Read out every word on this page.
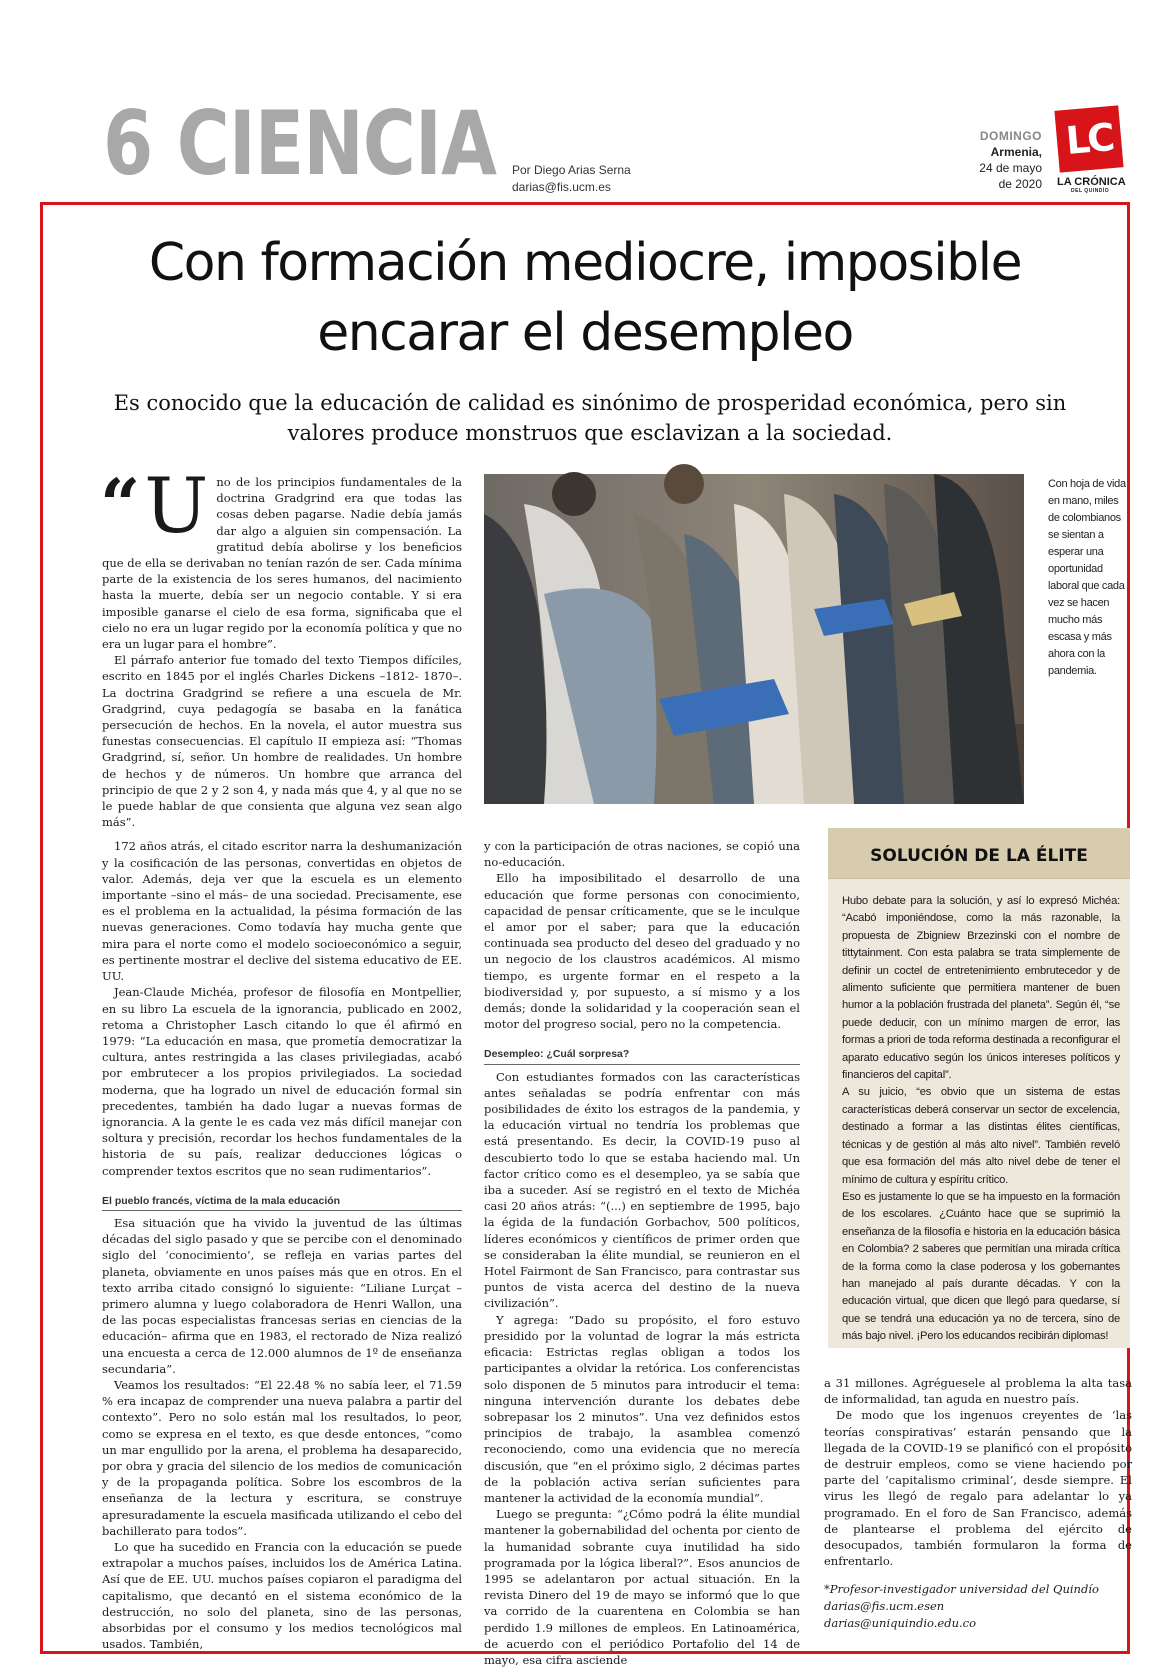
6 CIENCIA Por Diego Arias Serna
darias@fis.ucm.es
DOMINGO
Armenia,
24 de mayo
de 2020
LC
LA CRÓNICA
DEL QUINDÍO
Con formación mediocre, imposible
encarar el desempleo

Es conocido que la educación de calidad es sinónimo de prosperidad económica, pero sin valores produce monstruos que esclavizan a la sociedad.

Con hoja de vida en mano, miles de colombianos se sientan a esperar una oportunidad laboral que cada vez se hacen mucho más escasa y más ahora con la pandemia.

“ U no de los principios fundamentales de la doctrina Gradgrind era que todas las cosas deben pagarse. Nadie debía jamás dar algo a alguien sin compensación. La gratitud debía abolirse y los beneficios que de ella se derivaban no tenían razón de ser. Cada mínima parte de la existencia de los seres humanos, del nacimiento hasta la muerte, debía ser un negocio contable. Y si era imposible ganarse el cielo de esa forma, significaba que el cielo no era un lugar regido por la economía política y que no era un lugar para el hombre”.

El párrafo anterior fue tomado del texto Tiempos difíciles, escrito en 1845 por el inglés Charles Dickens –1812- 1870–. La doctrina Gradgrind se refiere a una escuela de Mr. Gradgrind, cuya pedagogía se basaba en la fanática persecución de hechos. En la novela, el autor muestra sus funestas consecuencias. El capítulo II empieza así: “Thomas Gradgrind, sí, señor. Un hombre de realidades. Un hombre de hechos y de números. Un hombre que arranca del principio de que 2 y 2 son 4, y nada más que 4, y al que no se le puede hablar de que consienta que alguna vez sean algo más”.

172 años atrás, el citado escritor narra la deshumanización y la cosificación de las personas, convertidas en objetos de valor. Además, deja ver que la escuela es un elemento importante –sino el más– de una sociedad. Precisamente, ese es el problema en la actualidad, la pésima formación de las nuevas generaciones. Como todavía hay mucha gente que mira para el norte como el modelo socioeconómico a seguir, es pertinente mostrar el declive del sistema educativo de EE. UU.

Jean-Claude Michéa, profesor de filosofía en Montpellier, en su libro La escuela de la ignorancia, publicado en 2002, retoma a Christopher Lasch citando lo que él afirmó en 1979: “La educación en masa, que prometía democratizar la cultura, antes restringida a las clases privilegiadas, acabó por embrutecer a los propios privilegiados. La sociedad moderna, que ha logrado un nivel de educación formal sin precedentes, también ha dado lugar a nuevas formas de ignorancia. A la gente le es cada vez más difícil manejar con soltura y precisión, recordar los hechos fundamentales de la historia de su país, realizar deducciones lógicas o comprender textos escritos que no sean rudimentarios”.

El pueblo francés, víctima de la mala educación

Esa situación que ha vivido la juventud de las últimas décadas del siglo pasado y que se percibe con el denominado siglo del ‘conocimiento’, se refleja en varias partes del planeta, obviamente en unos países más que en otros. En el texto arriba citado consignó lo siguiente: “Liliane Lurçat –primero alumna y luego colaboradora de Henri Wallon, una de las pocas especialistas francesas serias en ciencias de la educación– afirma que en 1983, el rectorado de Niza realizó una encuesta a cerca de 12.000 alumnos de 1º de enseñanza secundaria”.

Veamos los resultados: “El 22.48 % no sabía leer, el 71.59 % era incapaz de comprender una nueva palabra a partir del contexto”. Pero no solo están mal los resultados, lo peor, como se expresa en el texto, es que desde entonces, “como un mar engullido por la arena, el problema ha desaparecido, por obra y gracia del silencio de los medios de comunicación y de la propaganda política. Sobre los escombros de la enseñanza de la lectura y escritura, se construye apresuradamente la escuela masificada utilizando el cebo del bachillerato para todos”.

Lo que ha sucedido en Francia con la educación se puede extrapolar a muchos países, incluidos los de América Latina. Así que de EE. UU. muchos países copiaron el paradigma del capitalismo, que decantó en el sistema económico de la destrucción, no solo del planeta, sino de las personas, absorbidas por el consumo y los medios tecnológicos mal usados. También,

y con la participación de otras naciones, se copió una no-educación.

Ello ha imposibilitado el desarrollo de una educación que forme personas con conocimiento, capacidad de pensar críticamente, que se le inculque el amor por el saber; para que la educación continuada sea producto del deseo del graduado y no un negocio de los claustros académicos. Al mismo tiempo, es urgente formar en el respeto a la biodiversidad y, por supuesto, a sí mismo y a los demás; donde la solidaridad y la cooperación sean el motor del progreso social, pero no la competencia.

Desempleo: ¿Cuál sorpresa?

Con estudiantes formados con las características antes señaladas se podría enfrentar con más posibilidades de éxito los estragos de la pandemia, y la educación virtual no tendría los problemas que está presentando. Es decir, la COVID-19 puso al descubierto todo lo que se estaba haciendo mal. Un factor crítico como es el desempleo, ya se sabía que iba a suceder. Así se registró en el texto de Michéa casi 20 años atrás: “(...) en septiembre de 1995, bajo la égida de la fundación Gorbachov, 500 políticos, líderes económicos y científicos de primer orden que se consideraban la élite mundial, se reunieron en el Hotel Fairmont de San Francisco, para contrastar sus puntos de vista acerca del destino de la nueva civilización”.

Y agrega: “Dado su propósito, el foro estuvo presidido por la voluntad de lograr la más estricta eficacia: Estrictas reglas obligan a todos los participantes a olvidar la retórica. Los conferencistas solo disponen de 5 minutos para introducir el tema: ninguna intervención durante los debates debe sobrepasar los 2 minutos”. Una vez definidos estos principios de trabajo, la asamblea comenzó reconociendo, como una evidencia que no merecía discusión, que “en el próximo siglo, 2 décimas partes de la población activa serían suficientes para mantener la actividad de la economía mundial”.

Luego se pregunta: “¿Cómo podrá la élite mundial mantener la gobernabilidad del ochenta por ciento de la humanidad sobrante cuya inutilidad ha sido programada por la lógica liberal?”. Esos anuncios de 1995 se adelantaron por actual situación. En la revista Dinero del 19 de mayo se informó que lo que va corrido de la cuarentena en Colombia se han perdido 1.9 millones de empleos. En Latinoamérica, de acuerdo con el periódico Portafolio del 14 de mayo, esa cifra asciende

SOLUCIÓN DE LA ÉLITE

Hubo debate para la solución, y así lo expresó Michéa: “Acabó imponiéndose, como la más razonable, la propuesta de Zbigniew Brzezinski con el nombre de tittytainment. Con esta palabra se trata simplemente de definir un coctel de entretenimiento embrutecedor y de alimento suficiente que permitiera mantener de buen humor a la población frustrada del planeta”. Según él, “se puede deducir, con un mínimo margen de error, las formas a priori de toda reforma destinada a reconfigurar el aparato educativo según los únicos intereses políticos y financieros del capital”.

A su juicio, “es obvio que un sistema de estas características deberá conservar un sector de excelencia, destinado a formar a las distintas élites científicas, técnicas y de gestión al más alto nivel”. También reveló que esa formación del más alto nivel debe de tener el mínimo de cultura y espíritu crítico.

Eso es justamente lo que se ha impuesto en la formación de los escolares. ¿Cuánto hace que se suprimió la enseñanza de la filosofía e historia en la educación básica en Colombia? 2 saberes que permitían una mirada crítica de la forma como la clase poderosa y los gobernantes han manejado al país durante décadas. Y con la educación virtual, que dicen que llegó para quedarse, sí que se tendrá una educación ya no de tercera, sino de más bajo nivel. ¡Pero los educandos recibirán diplomas!

a 31 millones. Agréguesele al problema la alta tasa de informalidad, tan aguda en nuestro país.

De modo que los ingenuos creyentes de ‘las teorías conspirativas’ estarán pensando que la llegada de la COVID-19 se planificó con el propósito de destruir empleos, como se viene haciendo por parte del ‘capitalismo criminal’, desde siempre. El virus les llegó de regalo para adelantar lo ya programado. En el foro de San Francisco, además de plantearse el problema del ejército de desocupados, también formularon la forma de enfrentarlo.

*Profesor-investigador universidad del Quindío
darias@fis.ucm.esen
darias@uniquindio.edu.co
